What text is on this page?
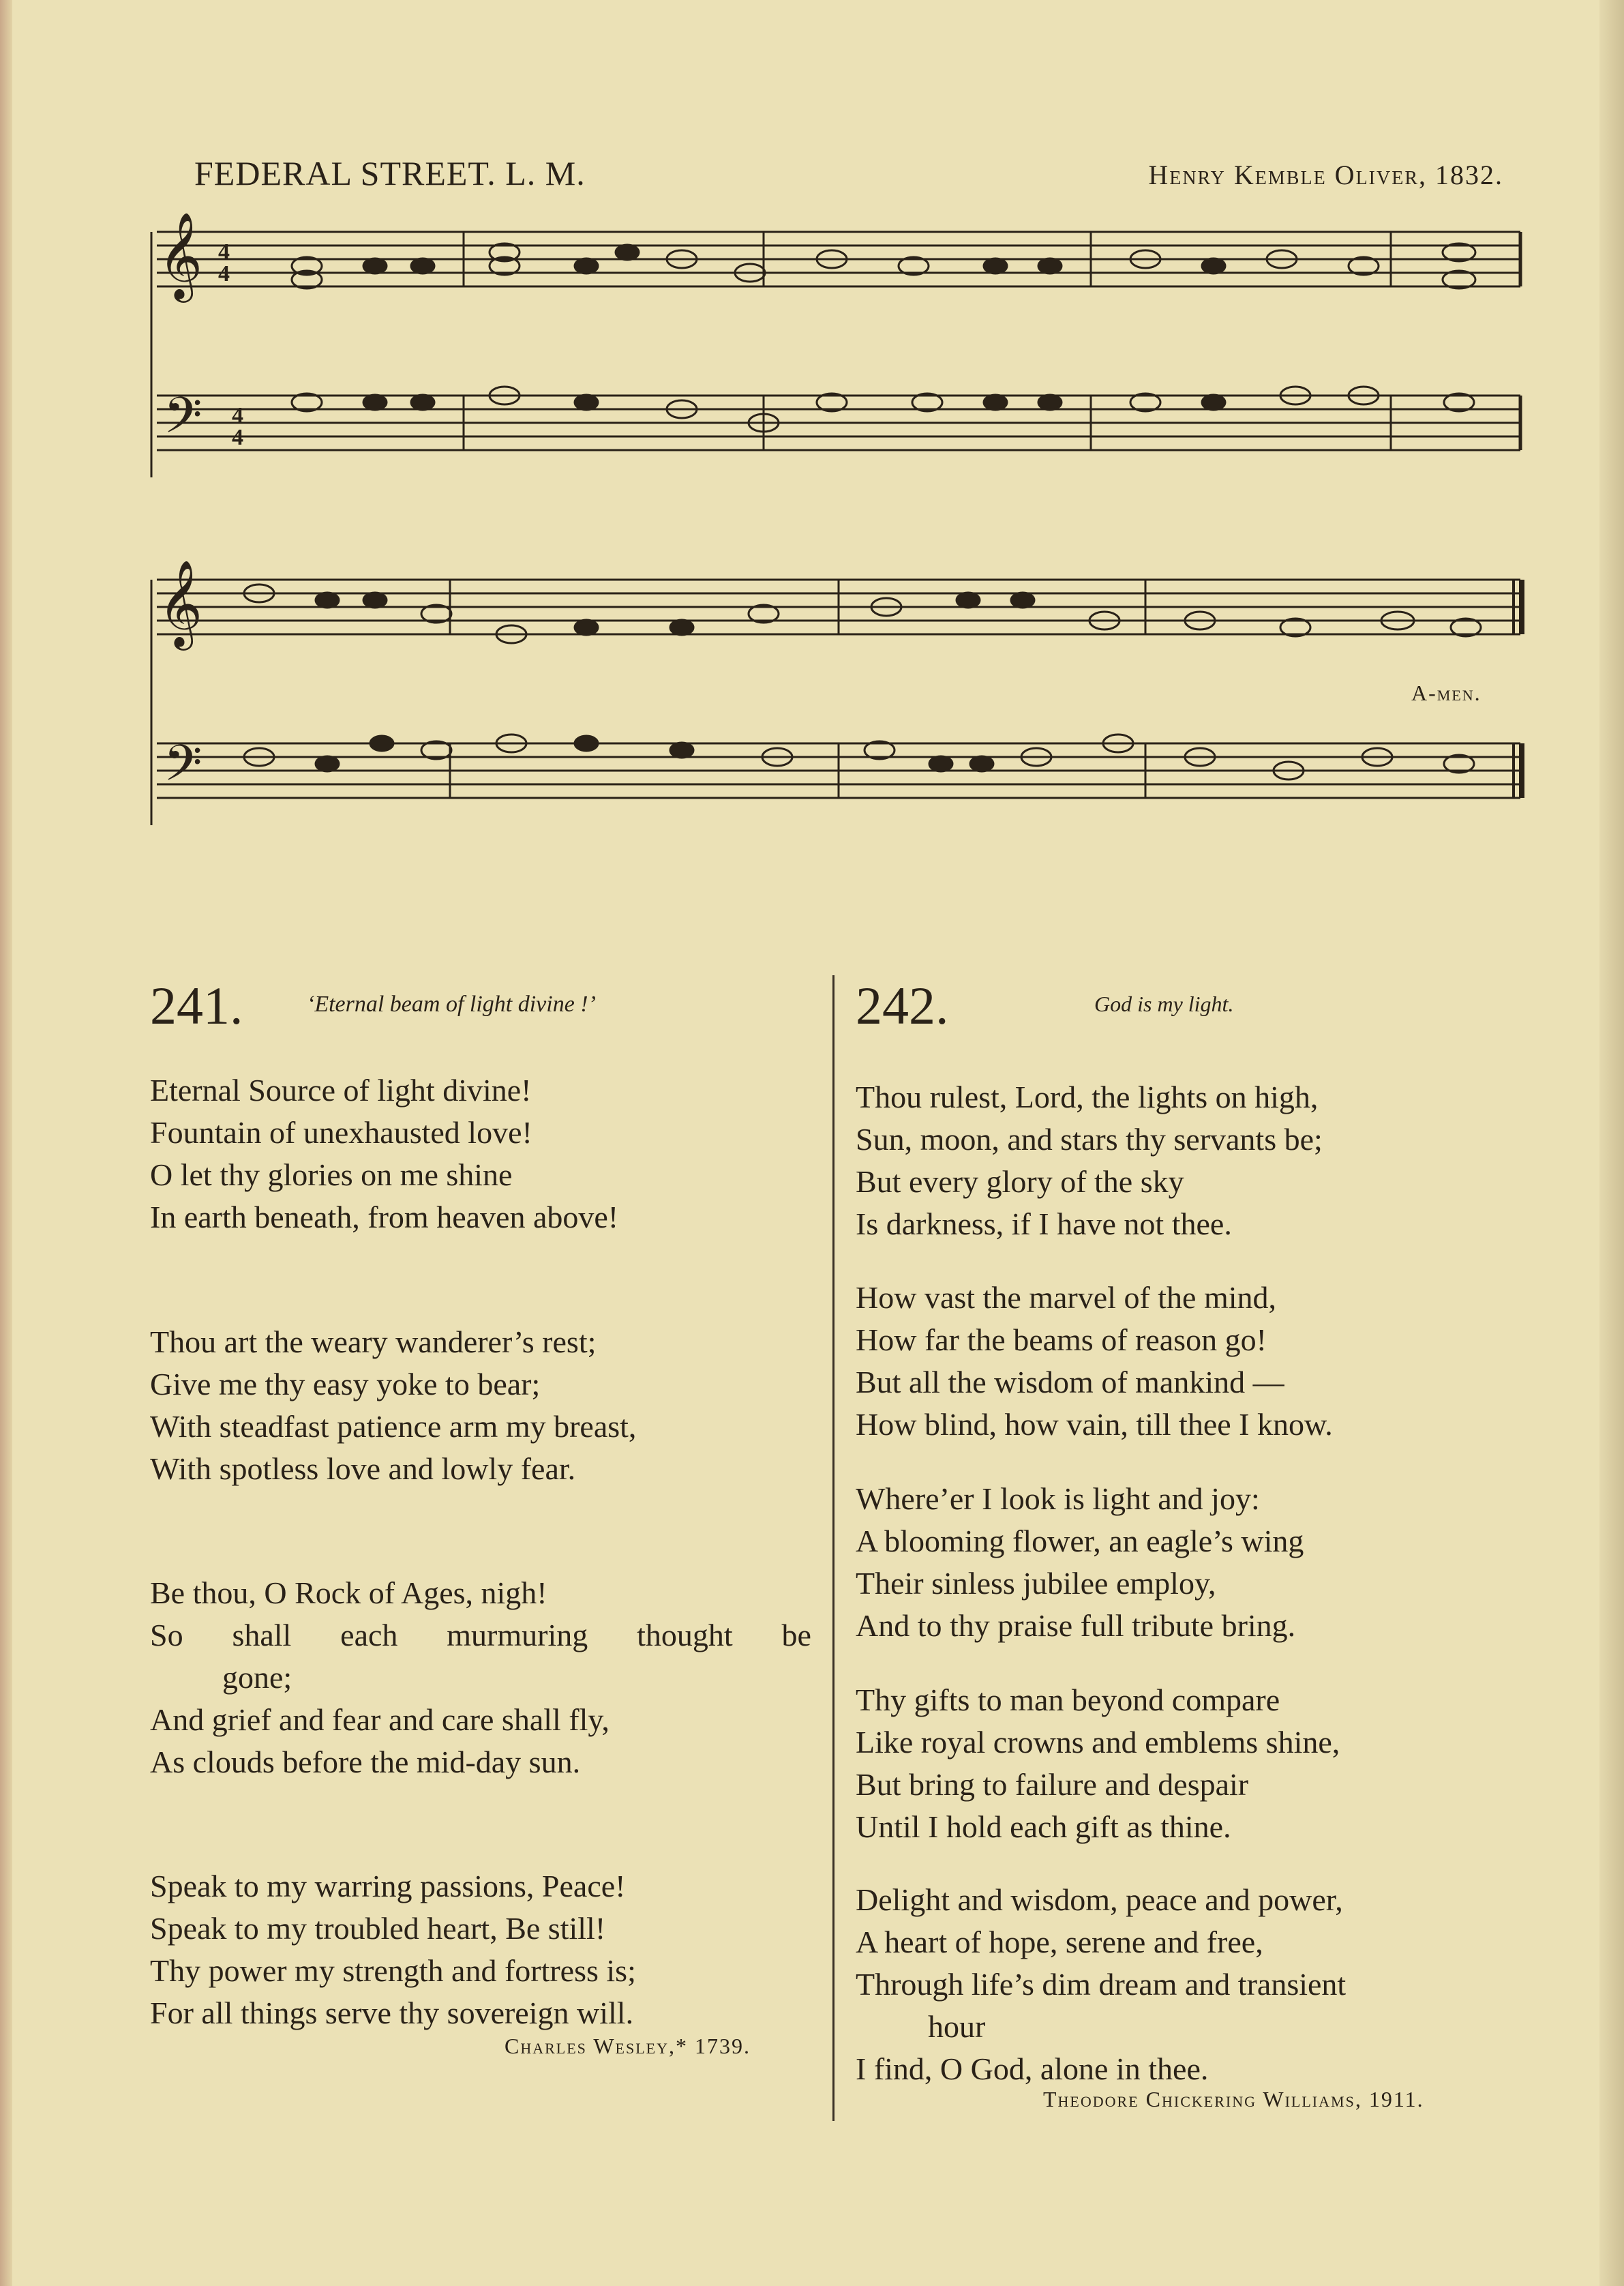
FEDERAL STREET. L. M.	Henry Kemble Oliver, 1832.
𝄞
𝄢
4
4
4
4
𝄞
𝄢
A-men.
241.	‘Eternal beam of light divine !’
Eternal Source of light divine!
Fountain of unexhausted love!
O let thy glories on me shine
In earth beneath, from heaven above!
Thou art the weary wanderer’s rest;
Give me thy easy yoke to bear;
With steadfast patience arm my breast,
With spotless love and lowly fear.
Be thou, O Rock of Ages, nigh!
So shall each murmuring thought be
gone;
And grief and fear and care shall fly,
As clouds before the mid-day sun.
Speak to my warring passions, Peace!
Speak to my troubled heart, Be still!
Thy power my strength and fortress is;
For all things serve thy sovereign will.
Charles Wesley,* 1739.
242.	God is my light.
Thou rulest, Lord, the lights on high,
Sun, moon, and stars thy servants be;
But every glory of the sky
Is darkness, if I have not thee.
How vast the marvel of the mind,
How far the beams of reason go!
But all the wisdom of mankind —
How blind, how vain, till thee I know.
Where’er I look is light and joy:
A blooming flower, an eagle’s wing
Their sinless jubilee employ,
And to thy praise full tribute bring.
Thy gifts to man beyond compare
Like royal crowns and emblems shine,
But bring to failure and despair
Until I hold each gift as thine.
Delight and wisdom, peace and power,
A heart of hope, serene and free,
Through life’s dim dream and transient
hour
I find, O God, alone in thee.
Theodore Chickering Williams, 1911.
